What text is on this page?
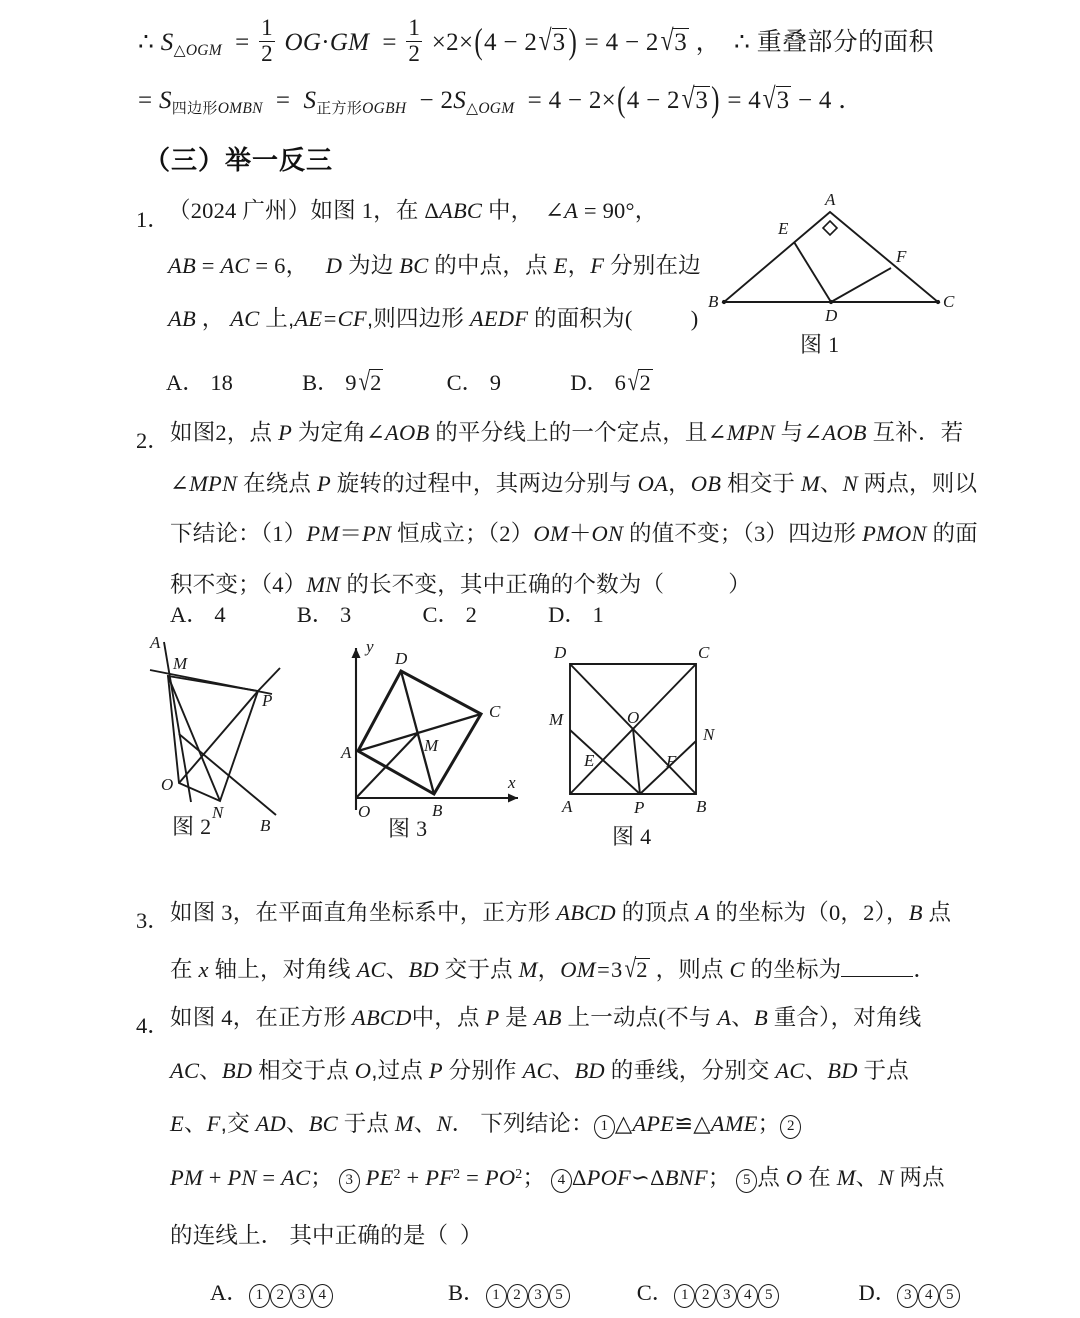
∴ $S_{\triangle OGM} = \frac{1}{2} OG\cdot GM = \frac{1}{2} \times 2\times(4 - 2√3$ ) = 4 − 2√3 ，  ∴ 重叠部分的面积
= S四边形$_{OMBN}$  =  S正方形$_{OGBH} - 2S_{\triangle OGM} = 4 - 2\times(4 - 2√3$ ) = 4√3 − 4 ．
（三）举一反三
1．
（2024 广州）如图 1，在 ΔABC 中， ∠A = 90°，
AB = AC = 6， D 为边 BC 的中点，点 E，F 分别在边
AB ， AC 上,AE=CF,则四边形 AEDF 的面积为(	)
A． 18	B． 9√2	C． 9	D． 6√2
A
E
F
B
D
C
图 1
2． 如图2，点 P 为定角∠AOB 的平分线上的一个定点，且∠MPN 与∠AOB 互补．若
∠MPN 在绕点 P 旋转的过程中，其两边分别与 OA，OB 相交于 M、N 两点，则以
下结论：（1）PM＝PN 恒成立；（2）OM＋ON 的值不变；（3）四边形 PMON 的面
积不变；（4）MN 的长不变，其中正确的个数为（	）
A． 4	B． 3	C． 2	D． 1
A
M
P
O
N
B
图 2
y
D
C
A	M
x
O	B
图 3
D	C
M	O
N
E	F
A	P	B
图 4
3． 如图 3，在平面直角坐标系中，正方形 ABCD 的顶点 A 的坐标为（0，2），B 点
在 x 轴上，对角线 AC、BD 交于点 M，OM=3√2 ，则点 C 的坐标为	．
4． 如图 4，在正方形 ABCD中，点 P 是 AB 上一动点(不与 A、B 重合），对角线
AC、BD 相交于点 O,过点 P 分别作 AC、BD 的垂线，分别交 AC、BD 于点
E、F,交 AD、BC 于点 M、N． 下列结论： 1 △APE≌△AME； 2
PM + PN = AC； 3 $PE^2 + PF^2 = PO^2$； 4 ΔPOF∽ΔBNF； 5 点 O 在 M、N 两点
的连线上． 其中正确的是（ ）
A． 1 2 3 4	B． 1 2 3 5	C． 1 2 3 4 5	D． 3 4 5
